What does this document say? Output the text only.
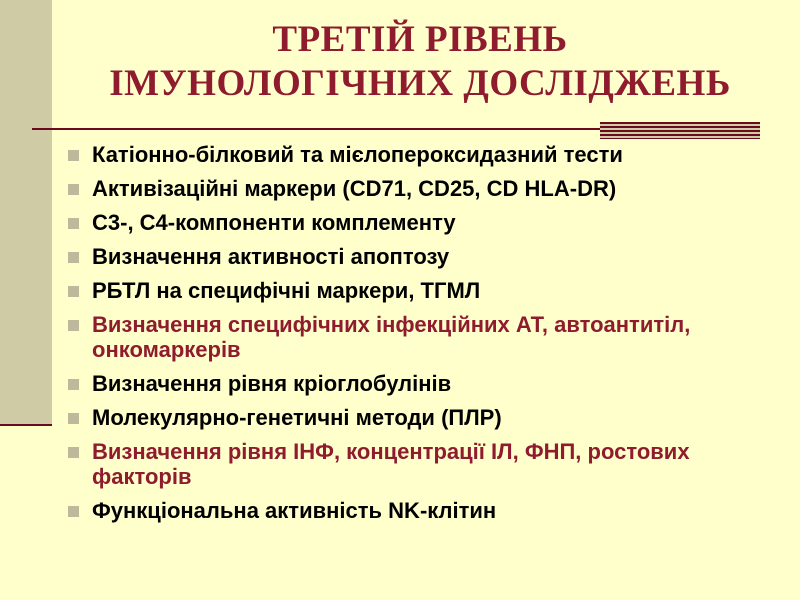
ТРЕТІЙ РІВЕНЬ
ІМУНОЛОГІЧНИХ ДОСЛІДЖЕНЬ
Катіонно-білковий та мієлопероксидазний тести
Активізаційні маркери (CD71, CD25, CD HLA-DR)
С3-, С4-компоненти комплементу
Визначення активності апоптозу
РБТЛ на специфічні маркери, ТГМЛ
Визначення специфічних інфекційних АТ, автоантитіл, онкомаркерів
Визначення рівня кріоглобулінів
Молекулярно-генетичні методи (ПЛР)
Визначення рівня ІНФ, концентрації ІЛ, ФНП, ростових факторів
Функціональна активність NK-клітин
